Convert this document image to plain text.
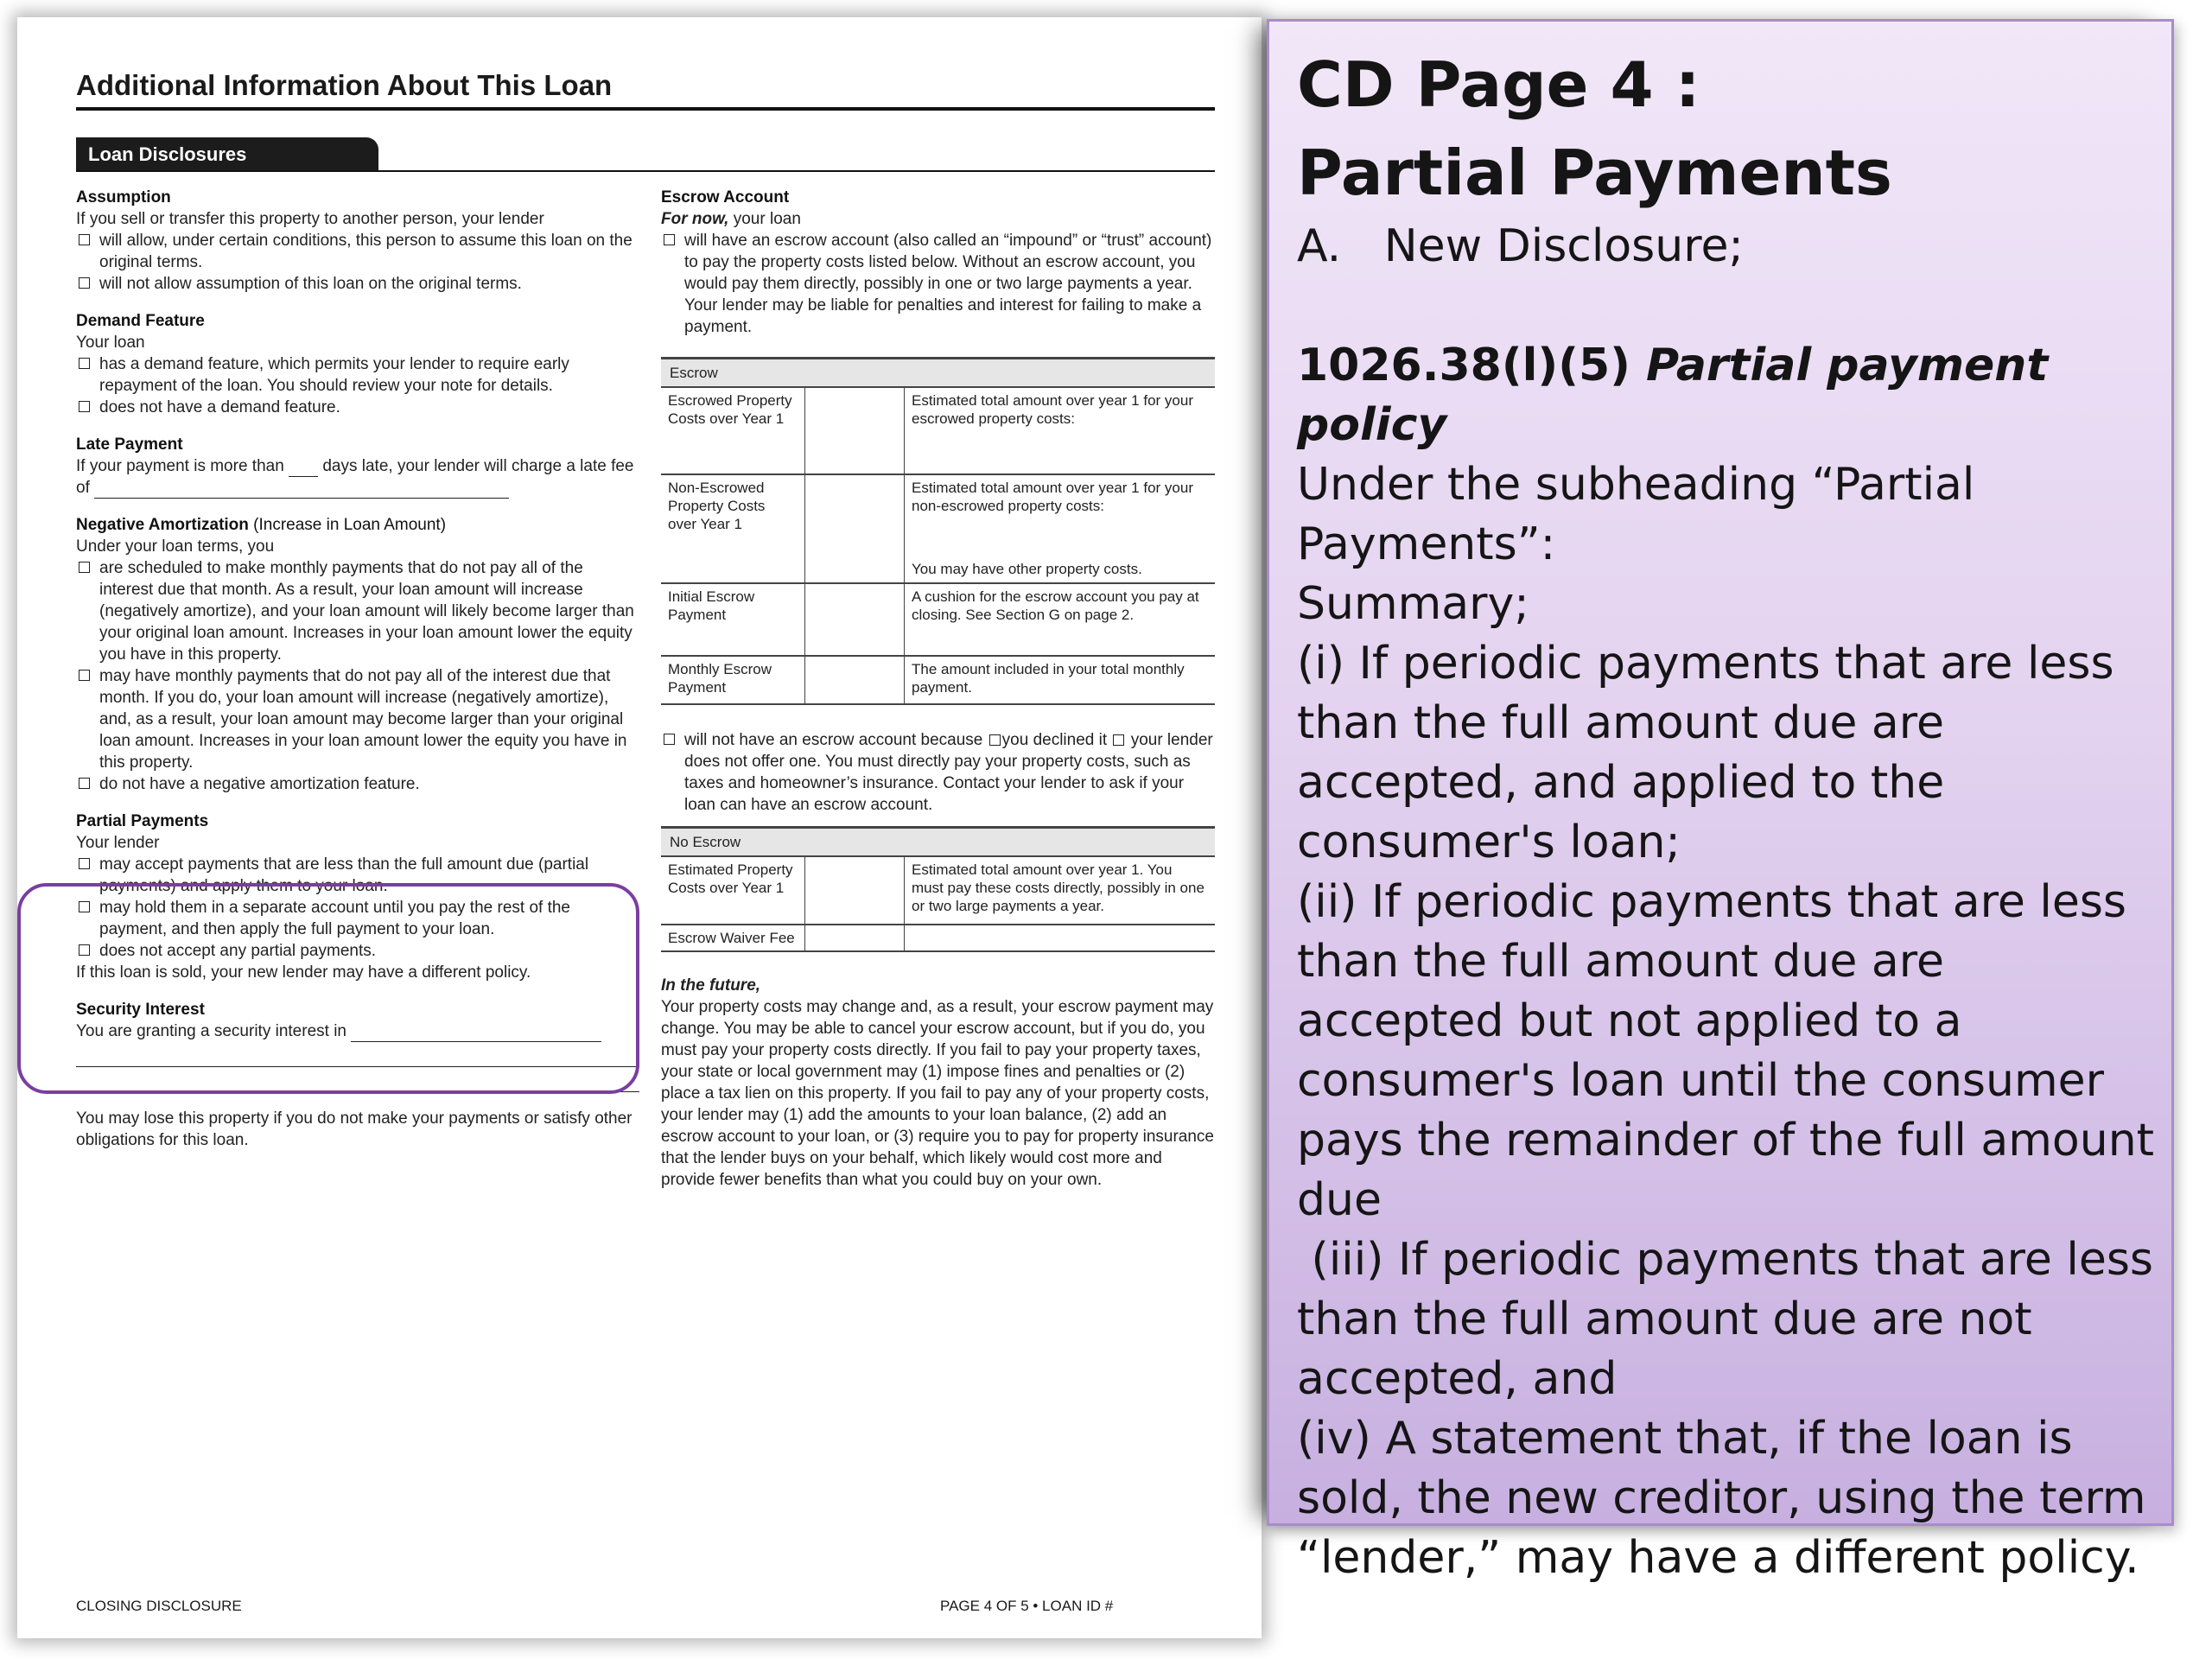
Additional Information About This Loan
Loan Disclosures
Assumption
If you sell or transfer this property to another person, your lender
will allow, under certain conditions, this person to assume this loan on the original terms.
will not allow assumption of this loan on the original terms.
Demand Feature
Your loan
has a demand feature, which permits your lender to require early repayment of the loan. You should review your note for details.
does not have a demand feature.
Late Payment
If your payment is more than days late, your lender will charge a late fee of
Negative Amortization (Increase in Loan Amount)
Under your loan terms, you
are scheduled to make monthly payments that do not pay all of the interest due that month. As a result, your loan amount will increase (negatively amortize), and your loan amount will likely become larger than your original loan amount. Increases in your loan amount lower the equity you have in this property.
may have monthly payments that do not pay all of the interest due that month. If you do, your loan amount will increase (negatively amortize), and, as a result, your loan amount may become larger than your original loan amount. Increases in your loan amount lower the equity you have in this property.
do not have a negative amortization feature.
Partial Payments
Your lender
may accept payments that are less than the full amount due (partial payments) and apply them to your loan.
may hold them in a separate account until you pay the rest of the payment, and then apply the full payment to your loan.
does not accept any partial payments.
If this loan is sold, your new lender may have a different policy.
Security Interest
You are granting a security interest in
You may lose this property if you do not make your payments or satisfy other obligations for this loan.
Escrow Account
For now, your loan
will have an escrow account (also called an “impound” or “trust” account) to pay the property costs listed below. Without an escrow account, you would pay them directly, possibly in one or two large payments a year. Your lender may be liable for penalties and interest for failing to make a payment.
Escrow
Escrowed Property Costs over Year 1		Estimated total amount over year 1 for your escrowed property costs:
Non-Escrowed Property Costs over Year 1		Estimated total amount over year 1 for your non-escrowed property costs:
You may have other property costs.

Initial Escrow Payment		A cushion for the escrow account you pay at closing. See Section G on page 2.
Monthly Escrow Payment		The amount included in your total monthly payment.
will not have an escrow account because you declined it your lender does not offer one. You must directly pay your property costs, such as taxes and homeowner’s insurance. Contact your lender to ask if your loan can have an escrow account.
No Escrow
Estimated Property Costs over Year 1		Estimated total amount over year 1. You must pay these costs directly, possibly in one or two large payments a year.
Escrow Waiver Fee		
In the future,
Your property costs may change and, as a result, your escrow payment may change. You may be able to cancel your escrow account, but if you do, you must pay your property costs directly. If you fail to pay your property taxes, your state or local government may (1) impose fines and penalties or (2) place a tax lien on this property. If you fail to pay any of your property costs, your lender may (1) add the amounts to your loan balance, (2) add an escrow account to your loan, or (3) require you to pay for property insurance that the lender buys on your behalf, which likely would cost more and provide fewer benefits than what you could buy on your own.
CLOSING DISCLOSURE	PAGE 4 OF 5 • LOAN ID #
CD Page 4 :
Partial Payments
A.   New Disclosure;
1026.38(l)(5) Partial payment policy
Under the subheading “Partial Payments”:
Summary;
(i) If periodic payments that are less than the full amount due are accepted, and applied to the consumer's loan;
(ii) If periodic payments that are less than the full amount due are accepted but not applied to a consumer's loan until the consumer pays the remainder of the full amount due
(iii) If periodic payments that are less than the full amount due are not accepted, and
(iv) A statement that, if the loan is sold, the new creditor, using the term “lender,” may have a different policy.
